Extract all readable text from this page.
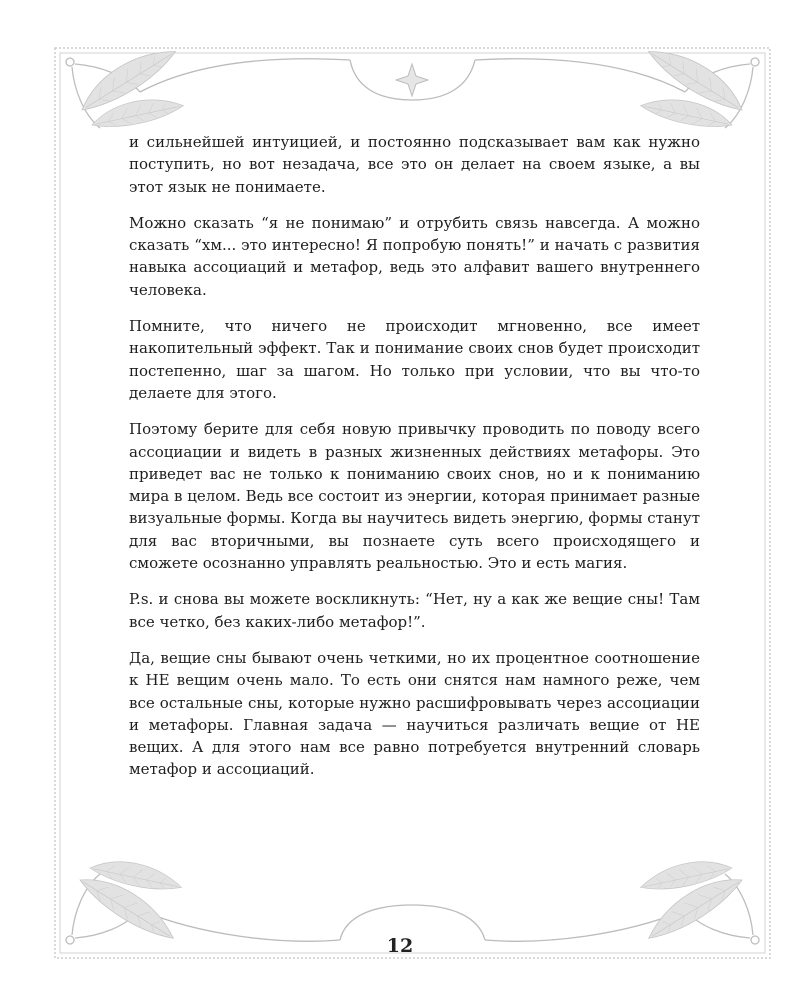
и сильнейшей интуицией, и постоянно подсказывает вам как нужно поступить, но вот незадача, все это он делает на своем языке, а вы этот язык не понимаете.

Можно сказать “я не понимаю” и отрубить связь навсегда. А можно сказать “хм... это интересно! Я попробую понять!” и начать с развития навыка ассоциаций и метафор, ведь это алфавит вашего внутреннего человека.

Помните, что ничего не происходит мгновенно, все имеет накопительный эффект. Так и понимание своих снов будет происходит постепенно, шаг за шагом. Но только при условии, что вы что-то делаете для этого.

Поэтому берите для себя новую привычку проводить по поводу всего ассоциации и видеть в разных жизненных действиях метафоры. Это приведет вас не только к пониманию своих снов, но и к пониманию мира в целом. Ведь все состоит из энергии, которая принимает разные визуальные формы. Когда вы научитесь видеть энергию, формы станут для вас вторичными, вы познаете суть всего происходящего и сможете осознанно управлять реальностью. Это и есть магия.

P.s. и снова вы можете воскликнуть: “Нет, ну а как же вещие сны! Там все четко, без каких-либо метафор!”.

Да, вещие сны бывают очень четкими, но их процентное соотношение к НЕ вещим очень мало. То есть они снятся нам намного реже, чем все остальные сны, которые нужно расшифровывать через ассоциации и метафоры. Главная задача — научиться различать вещие от НЕ вещих. А для этого нам все равно потребуется внутренний словарь метафор и ассоциаций.

12
